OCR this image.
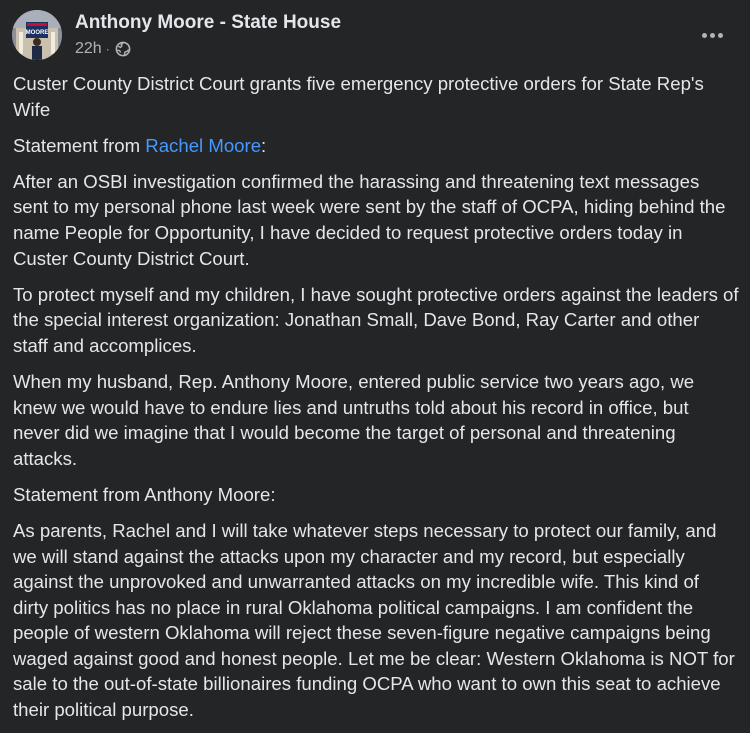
MOORE Anthony Moore - State House
22h ·

Custer County District Court grants five emergency protective orders for State Rep's Wife

Statement from Rachel Moore:

After an OSBI investigation confirmed the harassing and threatening text messages sent to my personal phone last week were sent by the staff of OCPA, hiding behind the name People for Opportunity, I have decided to request protective orders today in Custer County District Court.

To protect myself and my children, I have sought protective orders against the leaders of the special interest organization: Jonathan Small, Dave Bond, Ray Carter and other staff and accomplices.

When my husband, Rep. Anthony Moore, entered public service two years ago, we knew we would have to endure lies and untruths told about his record in office, but never did we imagine that I would become the target of personal and threatening attacks.

Statement from Anthony Moore:

As parents, Rachel and I will take whatever steps necessary to protect our family, and we will stand against the attacks upon my character and my record, but especially against the unprovoked and unwarranted attacks on my incredible wife. This kind of dirty politics has no place in rural Oklahoma political campaigns. I am confident the people of western Oklahoma will reject these seven-figure negative campaigns being waged against good and honest people. Let me be clear: Western Oklahoma is NOT for sale to the out-of-state billionaires funding OCPA who want to own this seat to achieve their political purpose.
